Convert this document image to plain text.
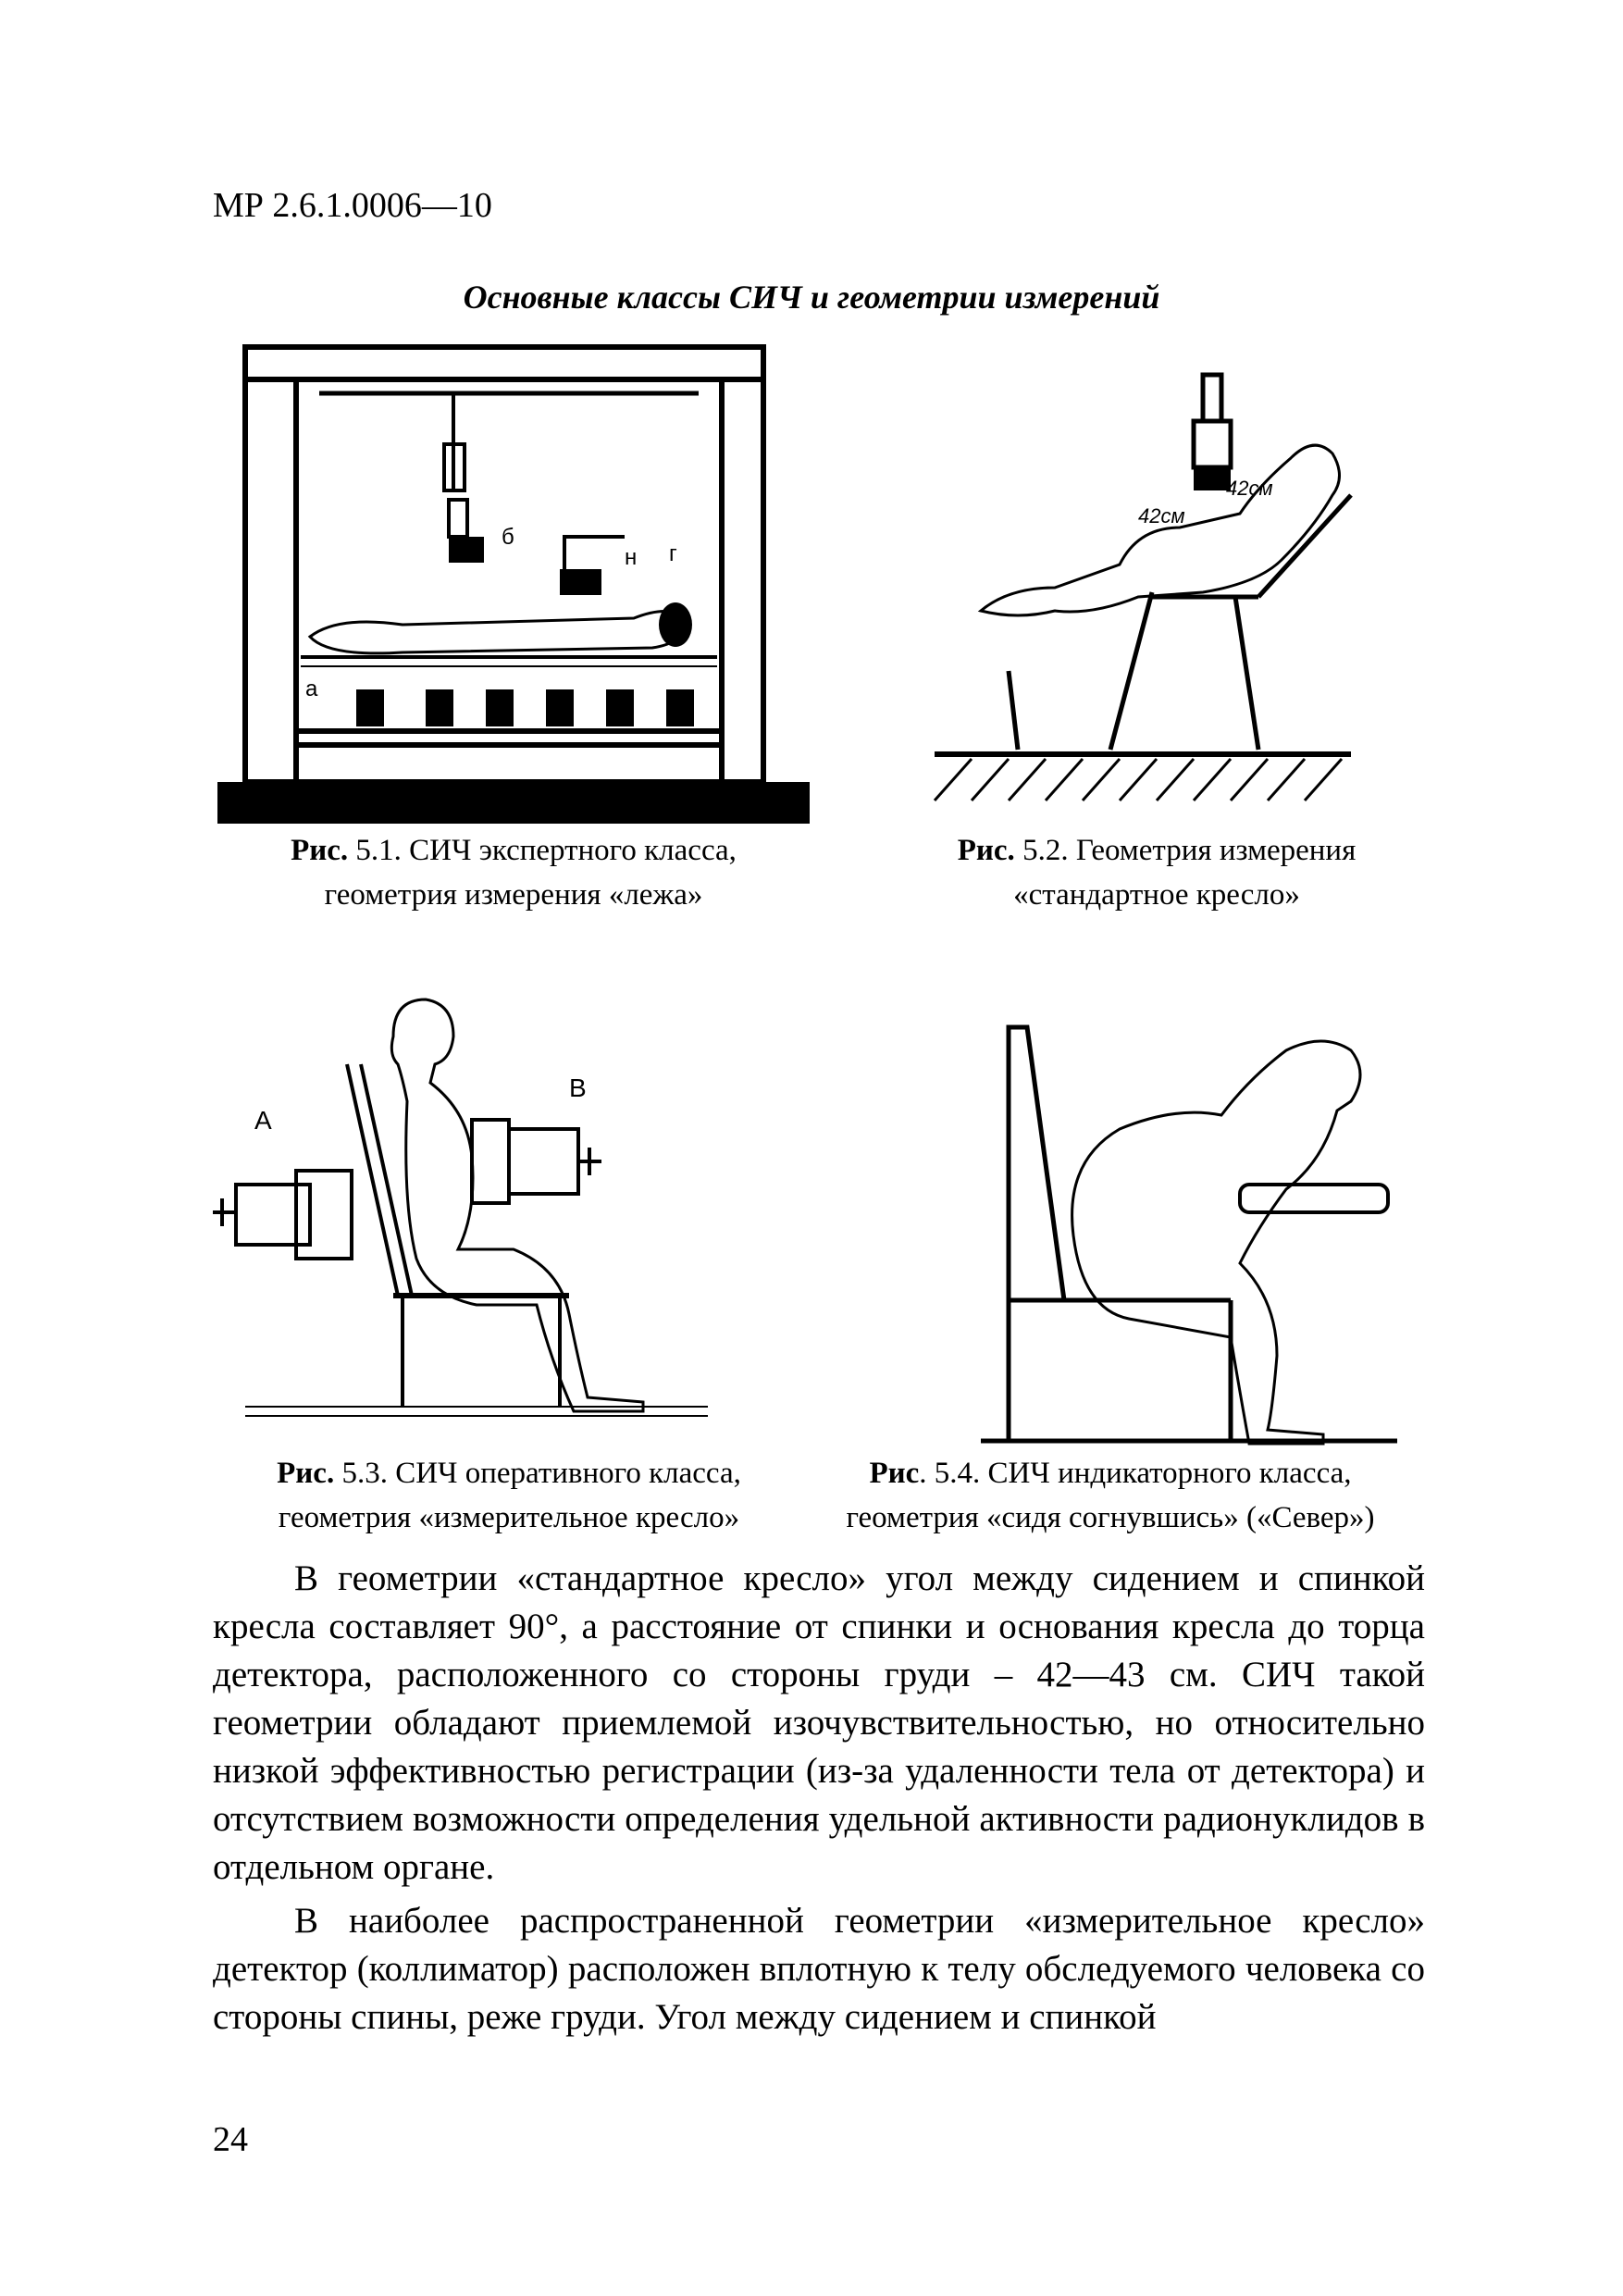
МР 2.6.1.0006—10
Основные классы СИЧ и геометрии измерений
а
б
н г
Рис. 5.1. СИЧ экспертного класса,
геометрия измерения «лежа»
42см
42см
Рис. 5.2. Геометрия измерения
«стандартное кресло»
А
В
Рис. 5.3. СИЧ оперативного класса,
геометрия «измерительное кресло»
Рис. 5.4. СИЧ индикаторного класса,
геометрия «сидя согнувшись» («Север»)

В геометрии «стандартное кресло» угол между сидением и спинкой кресла составляет 90°, а расстояние от спинки и основания кресла до торца детектора, расположенного со стороны груди – 42—43 см. СИЧ такой геометрии обладают приемлемой изочувствительностью, но относительно низкой эффективностью регистрации (из-за удаленности тела от детектора) и отсутствием возможности определения удельной активности радионуклидов в отдельном органе.

В наиболее распространенной геометрии «измерительное кресло» детектор (коллиматор) расположен вплотную к телу обследуемого человека со стороны спины, реже груди. Угол между сидением и спинкой

24
